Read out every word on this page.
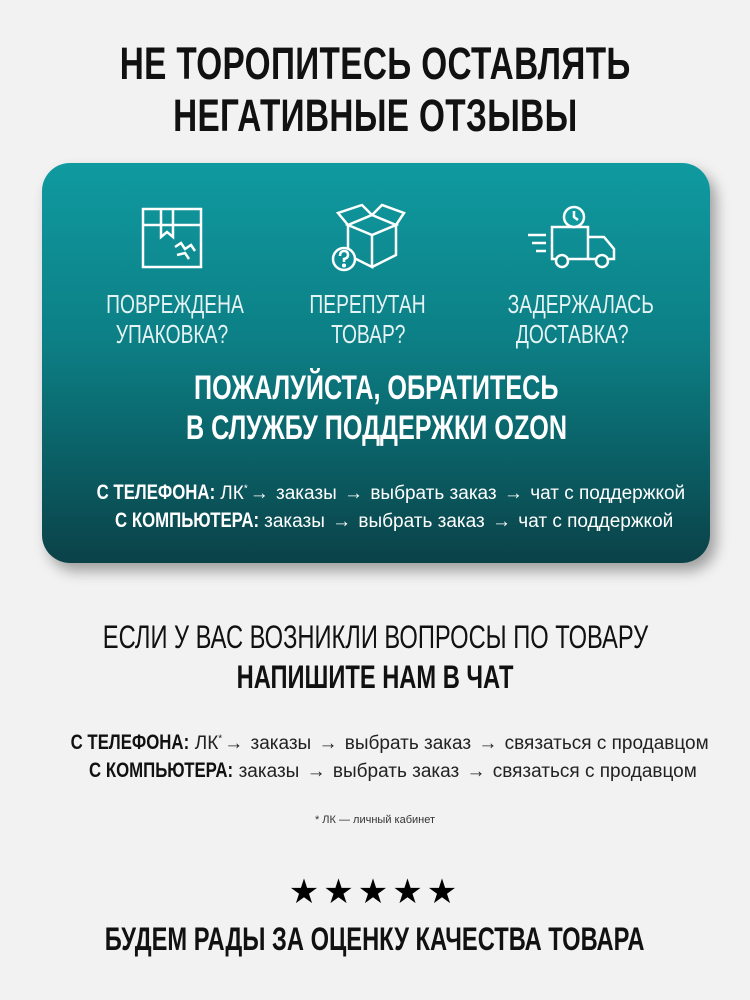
НЕ ТОРОПИТЕСЬ ОСТАВЛЯТЬ
НЕГАТИВНЫЕ ОТЗЫВЫ
ПОВРЕЖДЕНА
УПАКОВКА?
ПЕРЕПУТАН
ТОВАР?
ЗАДЕРЖАЛАСЬ
ДОСТАВКА?
ПОЖАЛУЙСТА, ОБРАТИТЕСЬ
В СЛУЖБУ ПОДДЕРЖКИ OZON
С ТЕЛЕФОНА: ЛК* → заказы → выбрать заказ → чат с поддержкой
С КОМПЬЮТЕРА: заказы → выбрать заказ → чат с поддержкой
ЕСЛИ У ВАС ВОЗНИКЛИ ВОПРОСЫ ПО ТОВАРУ
НАПИШИТЕ НАМ В ЧАТ
С ТЕЛЕФОНА: ЛК* → заказы → выбрать заказ → связаться с продавцом
С КОМПЬЮТЕРА: заказы → выбрать заказ → связаться с продавцом
* ЛК — личный кабинет
★★★★★
БУДЕМ РАДЫ ЗА ОЦЕНКУ КАЧЕСТВА ТОВАРА
